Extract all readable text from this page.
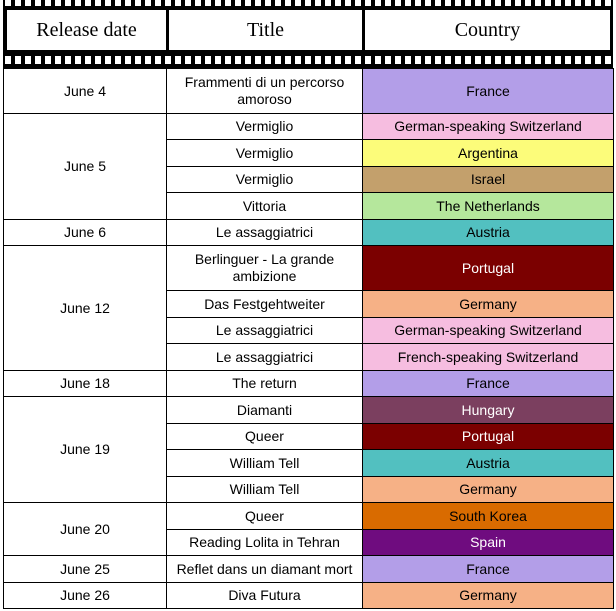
Release date	Title	Country
June 4	Frammenti di un percorso amoroso	France
June 5	Vermiglio	German-speaking Switzerland
	Vermiglio	Argentina
	Vermiglio	Israel
	Vittoria	The Netherlands
June 6	Le assaggiatrici	Austria
June 12	Berlinguer - La grande ambizione	Portugal
	Das Festgehtweiter	Germany
	Le assaggiatrici	German-speaking Switzerland
	Le assaggiatrici	French-speaking Switzerland
June 18	The return	France
June 19	Diamanti	Hungary
	Queer	Portugal
	William Tell	Austria
	William Tell	Germany
June 20	Queer	South Korea
	Reading Lolita in Tehran	Spain
June 25	Reflet dans un diamant mort	France
June 26	Diva Futura	Germany
